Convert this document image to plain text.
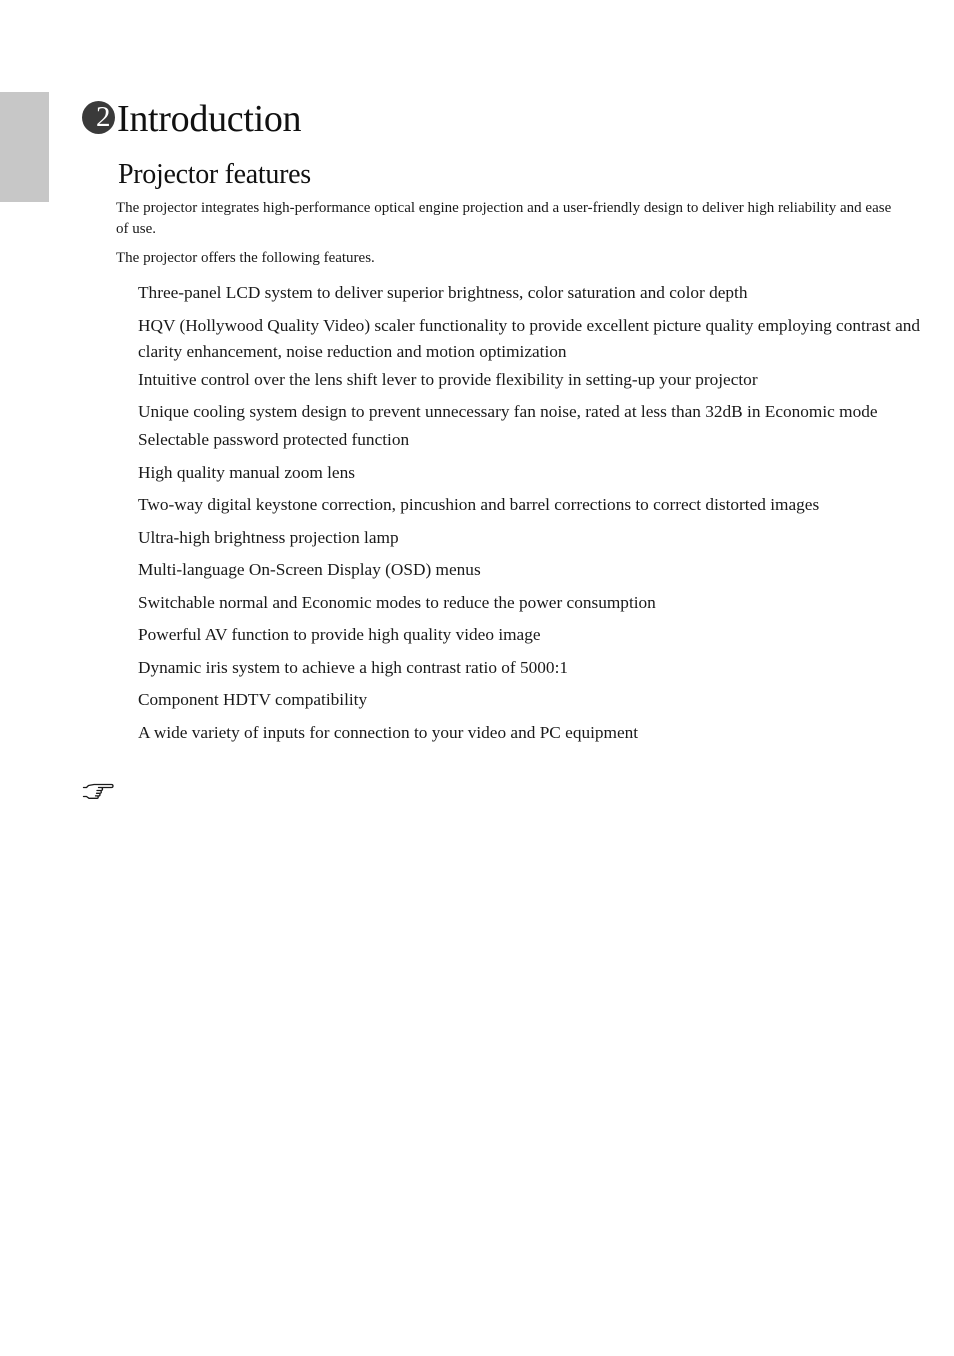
2 Introduction
Projector features

The projector integrates high-performance optical engine projection and a user-friendly design to deliver high reliability and ease of use.

The projector offers the following features.

Three-panel LCD system to deliver superior brightness, color saturation and color depth
HQV (Hollywood Quality Video) scaler functionality to provide excellent picture quality employing contrast and clarity enhancement, noise reduction and motion optimization
Intuitive control over the lens shift lever to provide flexibility in setting-up your projector
Unique cooling system design to prevent unnecessary fan noise, rated at less than 32dB in Economic mode
Selectable password protected function
High quality manual zoom lens
Two-way digital keystone correction, pincushion and barrel corrections to correct distorted images
Ultra-high brightness projection lamp
Multi-language On-Screen Display (OSD) menus
Switchable normal and Economic modes to reduce the power consumption
Powerful AV function to provide high quality video image
Dynamic iris system to achieve a high contrast ratio of 5000:1
Component HDTV compatibility
A wide variety of inputs for connection to your video and PC equipment
